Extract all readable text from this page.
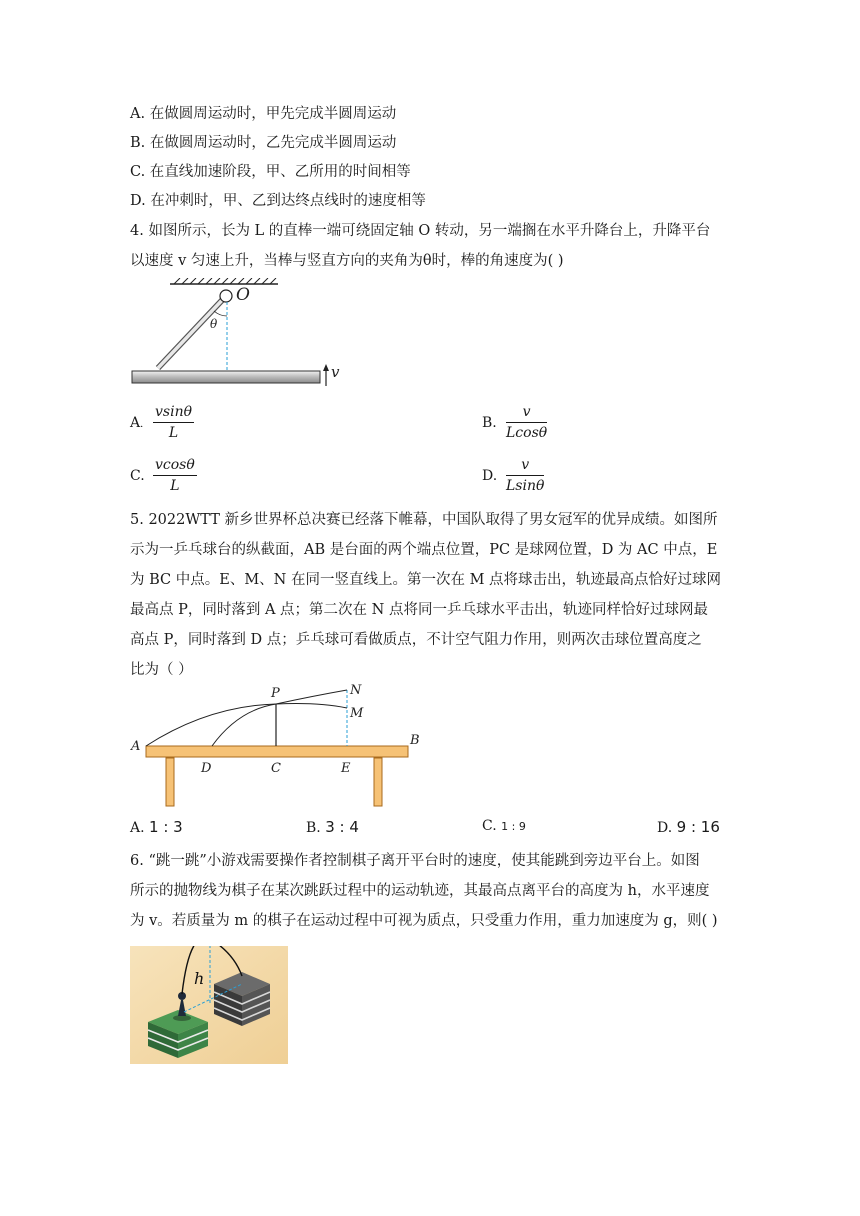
A. 在做圆周运动时，甲先完成半圆周运动
B. 在做圆周运动时，乙先完成半圆周运动
C. 在直线加速阶段，甲、乙所用的时间相等
D. 在冲刺时，甲、乙到达终点线时的速度相等
4. 如图所示，长为 L 的直棒一端可绕固定轴 O 转动，另一端搁在水平升降台上，升降平台
以速度 v 匀速上升，当棒与竖直方向的夹角为θ时，棒的角速度为( )
O
θ
v
A． $\frac{vsin\theta}{L}$	B. $\frac{v}{Lcos\theta}$
C. $\frac{vcos\theta}{L}$	D. $\frac{v}{Lsin\theta}$
5. 2022WTT 新乡世界杯总决赛已经落下帷幕，中国队取得了男女冠军的优异成绩。如图所
示为一乒乓球台的纵截面，AB 是台面的两个端点位置，PC 是球网位置，D 为 AC 中点，E
为 BC 中点。E、M、N 在同一竖直线上。第一次在 M 点将球击出，轨迹最高点恰好过球网
最高点 P，同时落到 A 点；第二次在 N 点将同一乒乓球水平击出，轨迹同样恰好过球网最
高点 P，同时落到 D 点；乒乓球可看做质点，不计空气阻力作用，则两次击球位置高度之
比为（ ）
A	B
C
D	E
P	N
M
A. 1 : 3	B. 3 : 4	C. 1 : 9	D. 9 : 16
6. “跳一跳”小游戏需要操作者控制棋子离开平台时的速度，使其能跳到旁边平台上。如图
所示的抛物线为棋子在某次跳跃过程中的运动轨迹，其最高点离平台的高度为 h，水平速度
为 v。若质量为 m 的棋子在运动过程中可视为质点，只受重力作用，重力加速度为 g，则( )
h
